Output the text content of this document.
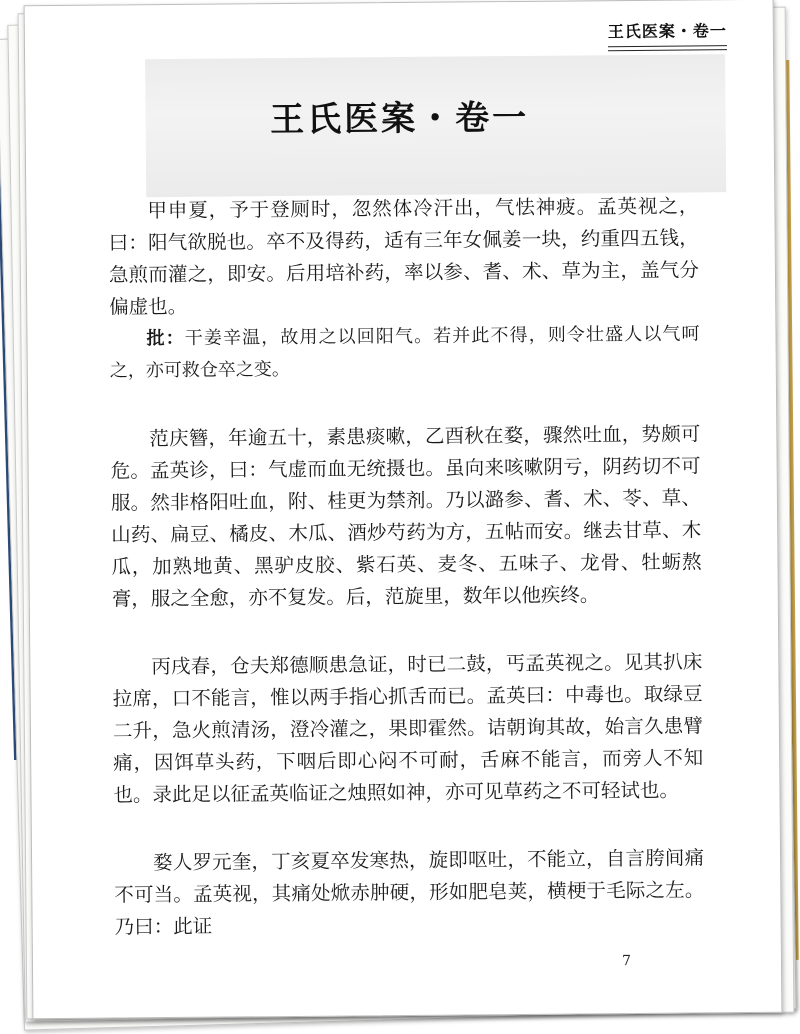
王氏医案・卷一
王氏医案・卷一

甲申夏，予于登厕时，忽然体冷汗出，气怯神疲。孟英视之，曰：阳气欲脱也。卒不及得药，适有三年女佩姜一块，约重四五钱，急煎而灌之，即安。后用培补药，率以参、耆、术、草为主，盖气分偏虚也。

批：干姜辛温，故用之以回阳气。若并此不得，则令壮盛人以气呵之，亦可救仓卒之变。

范庆簪，年逾五十，素患痰嗽，乙酉秋在婺，骤然吐血，势颇可危。孟英诊，曰：气虚而血无统摄也。虽向来咳嗽阴亏，阴药切不可服。然非格阳吐血，附、桂更为禁剂。乃以潞参、耆、术、苓、草、山药、扁豆、橘皮、木瓜、酒炒芍药为方，五帖而安。继去甘草、木瓜，加熟地黄、黑驴皮胶、紫石英、麦冬、五味子、龙骨、牡蛎熬膏，服之全愈，亦不复发。后，范旋里，数年以他疾终。

丙戌春，仓夫郑德顺患急证，时已二鼓，丐孟英视之。见其扒床拉席，口不能言，惟以两手指心抓舌而已。孟英曰：中毒也。取绿豆二升，急火煎清汤，澄冷灌之，果即霍然。诘朝询其故，始言久患臂痛，因饵草头药，下咽后即心闷不可耐，舌麻不能言，而旁人不知也。录此足以征孟英临证之烛照如神，亦可见草药之不可轻试也。

婺人罗元奎，丁亥夏卒发寒热，旋即呕吐，不能立，自言胯间痛不可当。孟英视，其痛处焮赤肿硬，形如肥皂荚，横梗于毛际之左。乃曰：此证

7
